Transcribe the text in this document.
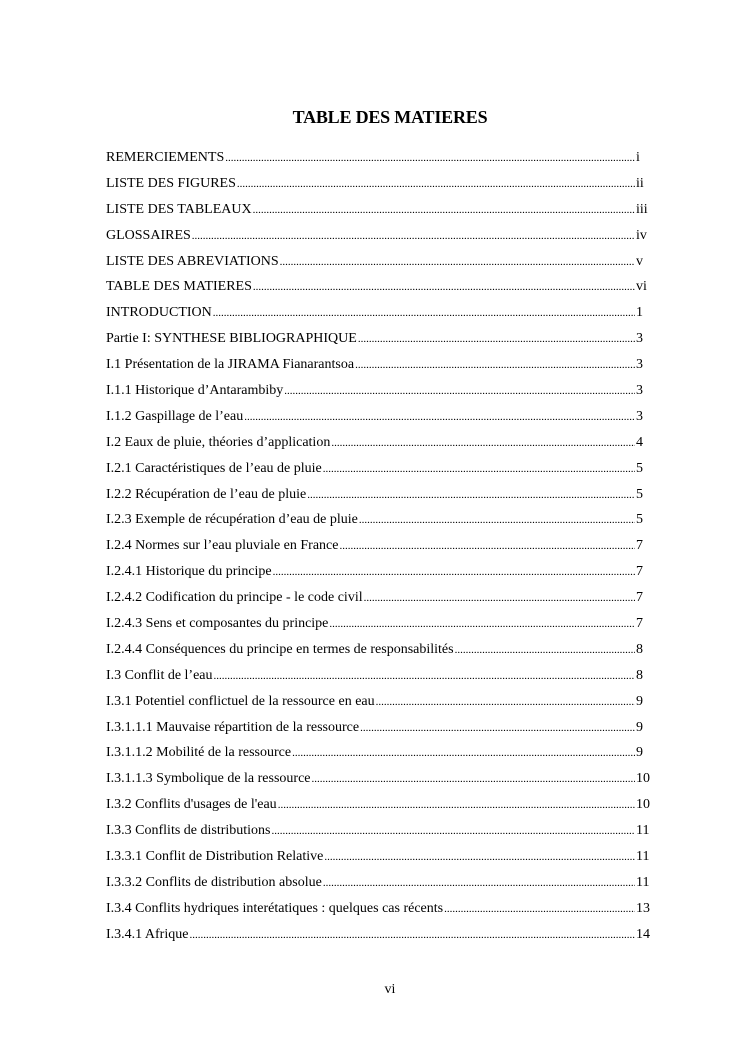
TABLE DES MATIERES
REMERCIEMENTS .....	i
LISTE DES FIGURES .....	ii
LISTE DES TABLEAUX .....	iii
GLOSSAIRES .....	iv
LISTE DES ABREVIATIONS .....	v
TABLE DES MATIERES .....	vi
INTRODUCTION .....	1
Partie I: SYNTHESE BIBLIOGRAPHIQUE .....	3
I.1 Présentation de la JIRAMA Fianarantsoa .....	3
I.1.1 Historique d’Antarambiby .....	3
I.1.2 Gaspillage de l’eau .....	3
I.2 Eaux de pluie, théories d’application .....	4
I.2.1 Caractéristiques de l’eau de pluie .....	5
I.2.2 Récupération de l’eau de pluie .....	5
I.2.3 Exemple de récupération d’eau de pluie .....	5
I.2.4 Normes sur l’eau pluviale en France .....	7
I.2.4.1 Historique du principe .....	7
I.2.4.2 Codification du principe - le code civil .....	7
I.2.4.3 Sens et composantes du principe .....	7
I.2.4.4 Conséquences du principe en termes de responsabilités .....	8
I.3 Conflit de l’eau .....	8
I.3.1 Potentiel conflictuel de la ressource en eau .....	9
I.3.1.1.1 Mauvaise répartition de la ressource .....	9
I.3.1.1.2 Mobilité de la ressource .....	9
I.3.1.1.3 Symbolique de la ressource .....	10
I.3.2 Conflits d'usages de l'eau .....	10
I.3.3 Conflits de distributions .....	11
I.3.3.1 Conflit de Distribution Relative .....	11
I.3.3.2 Conflits de distribution absolue .....	11
I.3.4 Conflits hydriques interétatiques : quelques cas récents .....	13
I.3.4.1 Afrique .....	14

vi
